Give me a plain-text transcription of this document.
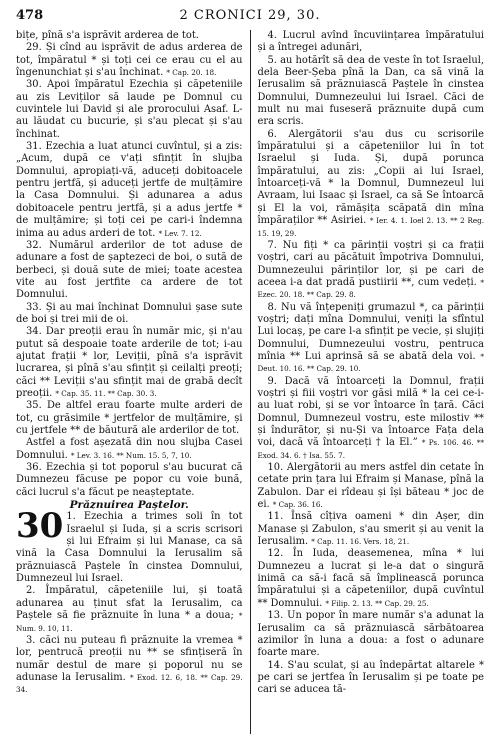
478	2 CRONICI 29, 30.

bițe, pînă s'a isprăvit arderea de tot.

29. Și cînd au isprăvit de adus arderea de tot, împăratul * și toți cei ce erau cu el au îngenunchiat și s'au închinat. * Cap. 20. 18.

30. Apoi împăratul Ezechia și căpeteniile au zis Leviților să laude pe Domnul cu cuvintele lui David și ale prorocului Asaf. L-au lăudat cu bucurie, și s'au plecat și s'au închinat.

31. Ezechia a luat atunci cuvîntul, și a zis: „Acum, după ce v'ați sfințit în slujba Domnului, apropiați-vă, aduceți dobitoacele pentru jertfă, și aduceți jertfe de mulțămire la Casa Domnului. Și adunarea a adus dobitoacele pentru jertfă, și a adus jertfe * de mulțămire; și toți cei pe cari-i îndemna inima au adus arderi de tot. * Lev. 7. 12.

32. Numărul arderilor de tot aduse de adunare a fost de șaptezeci de boi, o sută de berbeci, și două sute de miei; toate acestea vite au fost jertfite ca ardere de tot Domnului.

33. Și au mai închinat Domnului șase sute de boi și trei mii de oi.

34. Dar preoții erau în număr mic, și n'au putut să despoaie toate arderile de tot; i-au ajutat frații * lor, Leviții, pînă s'a isprăvit lucrarea, și pînă s'au sfințit și ceilalți preoți; căci ** Leviții s'au sfințit mai de grabă decît preoții. * Cap. 35. 11. ** Cap. 30. 3.

35. De altfel erau foarte multe arderi de tot, cu grăsimile * jertfelor de mulțămire, și cu jertfele ** de băutură ale arderilor de tot.

Astfel a fost așezată din nou slujba Casei Domnului. * Lev. 3. 16. ** Num. 15. 5, 7, 10.

36. Ezechia și tot poporul s'au bucurat că Dumnezeu făcuse pe popor cu voie bună, căci lucrul s'a făcut pe neașteptate.

Prăznuirea Paștelor.

30 1. Ezechia a trimes soli în tot Israelul și Iuda, și a scris scrisori și lui Efraim și lui Manase, ca să vină la Casa Domnului la Ierusalim să prăznuiască Paștele în cinstea Domnului, Dumnezeul lui Israel.

2. Împăratul, căpeteniile lui, și toată adunarea au ținut sfat la Ierusalim, ca Paștele să fie prăznuite în luna * a doua; * Num. 9. 10, 11.

3. căci nu puteau fi prăznuite la vremea * lor, pentrucă preoții nu ** se sfințiseră în număr destul de mare și poporul nu se adunase la Ierusalim. * Exod. 12. 6, 18. ** Cap. 29. 34.

4. Lucrul avînd încuviințarea împăratului și a întregei adunări,

5. au hotărît să dea de veste în tot Israelul, dela Beer-Șeba pînă la Dan, ca să vină la Ierusalim să prăznuiască Paștele în cinstea Domnului, Dumnezeului lui Israel. Căci de mult nu mai fuseseră prăznuite după cum era scris.

6. Alergătorii s'au dus cu scrisorile împăratului și a căpeteniilor lui în tot Israelul și Iuda. Și, după porunca împăratului, au zis: „Copii ai lui Israel, întoarceți-vă * la Domnul, Dumnezeul lui Avraam, lui Isaac și Israel, ca să Se întoarcă și El la voi, rămășița scăpată din mîna împăraților ** Asiriei. * Ier. 4. 1. Ioel 2. 13. ** 2 Reg. 15. 19, 29.

7. Nu fiți * ca părinții voștri și ca frații voștri, cari au păcătuit împotriva Domnului, Dumnezeului părinților lor, și pe cari de aceea i-a dat pradă pustiirii **, cum vedeți. * Ezec. 20. 18. ** Cap. 29. 8.

8. Nu vă înțepeniți grumazul *, ca părinții voștri; dați mîna Domnului, veniți la sfîntul Lui locaș, pe care l-a sfințit pe vecie, și slujiți Domnului, Dumnezeului vostru, pentruca mînia ** Lui aprinsă să se abată dela voi. * Deut. 10. 16. ** Cap. 29. 10.

9. Dacă vă întoarceți la Domnul, frații voștri și fiii voștri vor găsi milă * la cei ce-i-au luat robi, și se vor întoarce în țară. Căci Domnul, Dumnezeul vostru, este milostiv ** și îndurător, și nu-Și va întoarce Fața dela voi, dacă vă întoarceți † la El.” * Ps. 106. 46. ** Exod. 34. 6. † Isa. 55. 7.

10. Alergătorii au mers astfel din cetate în cetate prin țara lui Efraim și Manase, pînă la Zabulon. Dar ei rîdeau și își băteau * joc de ei. * Cap. 36. 16.

11. Însă cîțiva oameni * din Așer, din Manase și Zabulon, s'au smerit și au venit la Ierusalim. * Cap. 11. 16. Vers. 18, 21.

12. În Iuda, deasemenea, mîna * lui Dumnezeu a lucrat și le-a dat o singură inimă ca să-i facă să împlinească porunca împăratului și a căpeteniilor, după cuvîntul ** Domnului. * Filip. 2. 13. ** Cap. 29. 25.

13. Un popor în mare număr s'a adunat la Ierusalim ca să prăznuiască sărbătoarea azimilor în luna a doua: a fost o adunare foarte mare.

14. S'au sculat, și au îndepărtat altarele * pe cari se jertfea în Ierusalim și pe toate pe cari se aducea tă-
